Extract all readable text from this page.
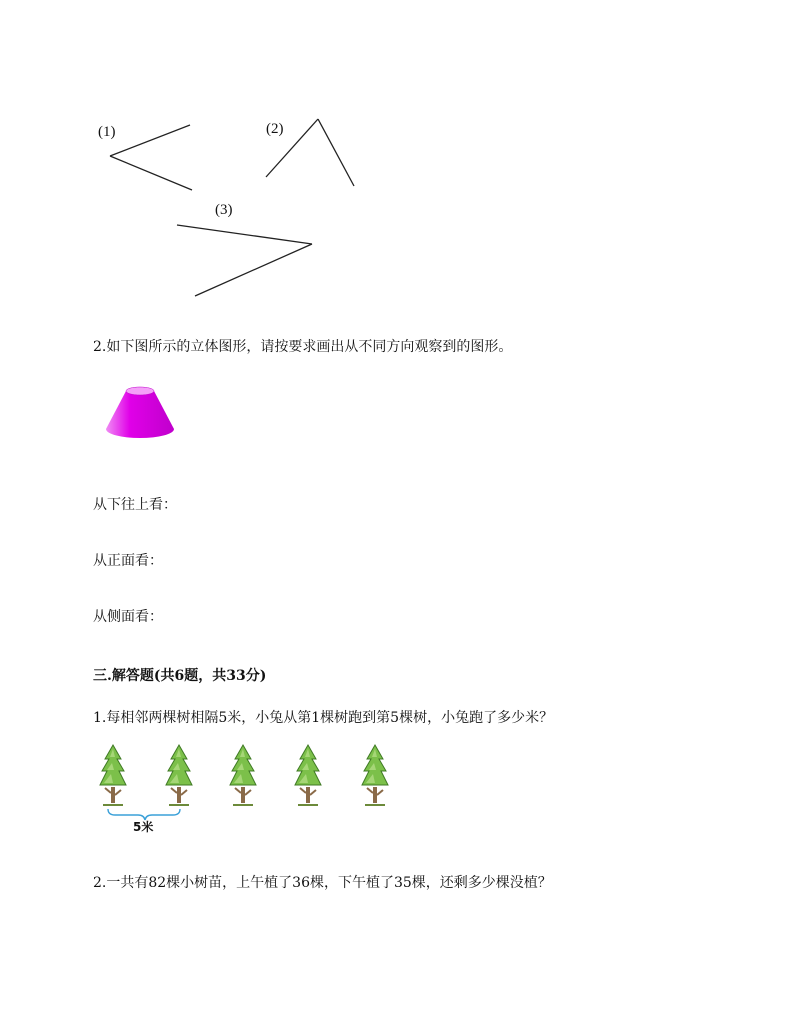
(1)	(2)
(3)
2.如下图所示的立体图形，请按要求画出从不同方向观察到的图形。
从下往上看：
从正面看：
从侧面看：
三.解答题(共6题，共33分)
1.每相邻两棵树相隔5米，小兔从第1棵树跑到第5棵树，小兔跑了多少米？
5米
2.一共有82棵小树苗，上午植了36棵，下午植了35棵，还剩多少棵没植？
